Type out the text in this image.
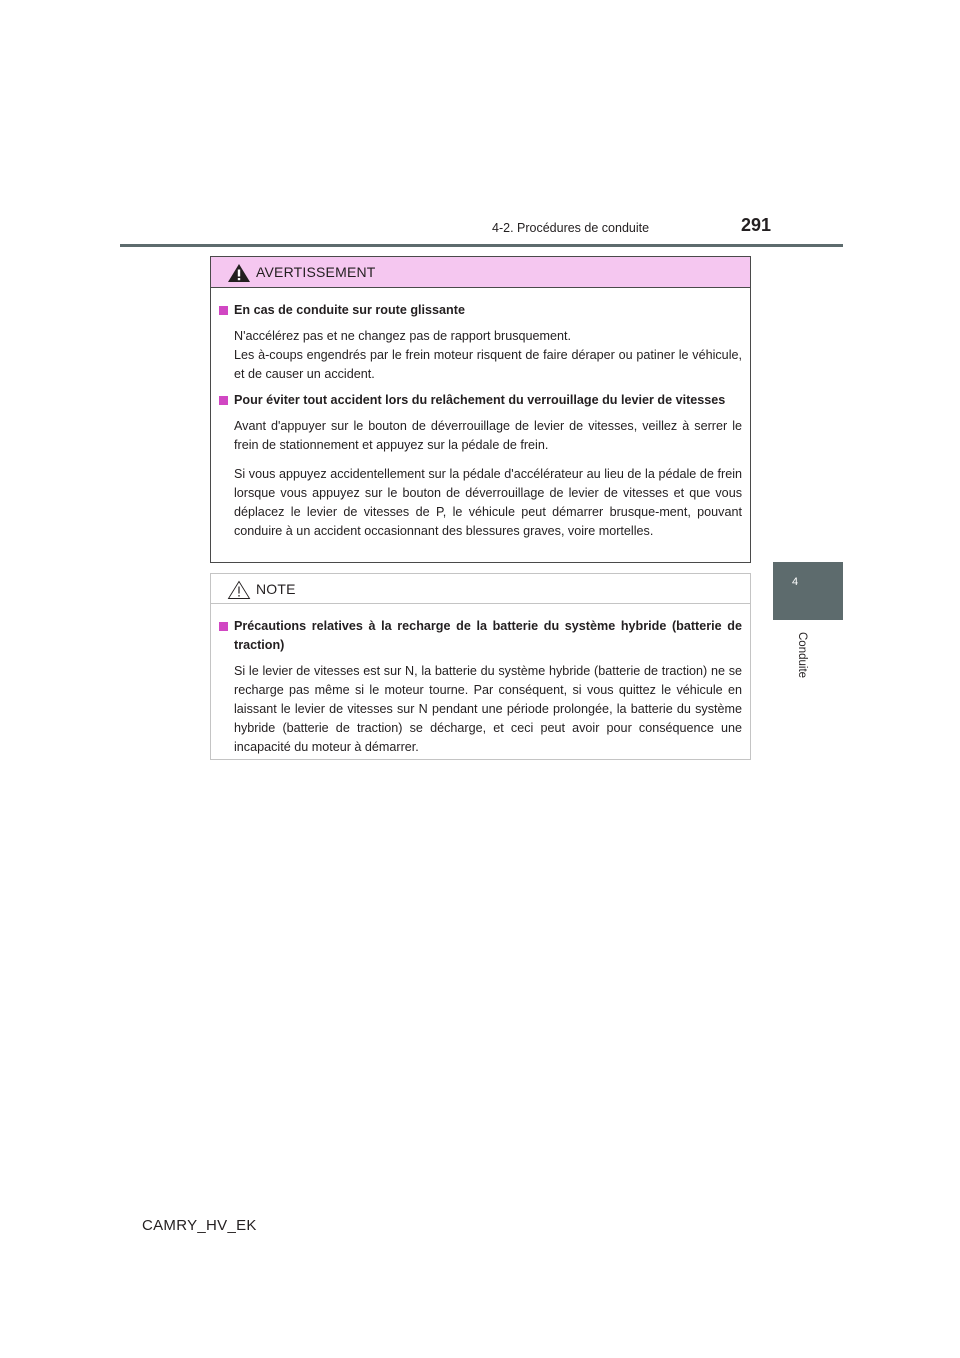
4-2. Procédures de conduite	291
4
Conduite
AVERTISSEMENT
En cas de conduite sur route glissante
N'accélérez pas et ne changez pas de rapport brusquement.
Les à-coups engendrés par le frein moteur risquent de faire déraper ou patiner le véhicule, et de causer un accident.
Pour éviter tout accident lors du relâchement du verrouillage du levier de vitesses
Avant d'appuyer sur le bouton de déverrouillage de levier de vitesses, veillez à serrer le frein de stationnement et appuyez sur la pédale de frein.
Si vous appuyez accidentellement sur la pédale d'accélérateur au lieu de la pédale de frein lorsque vous appuyez sur le bouton de déverrouillage de levier de vitesses et que vous déplacez le levier de vitesses de P, le véhicule peut démarrer brusque-ment, pouvant conduire à un accident occasionnant des blessures graves, voire mortelles.
NOTE
Précautions relatives à la recharge de la batterie du système hybride (batterie de traction)
Si le levier de vitesses est sur N, la batterie du système hybride (batterie de traction) ne se recharge pas même si le moteur tourne. Par conséquent, si vous quittez le véhicule en laissant le levier de vitesses sur N pendant une période prolongée, la batterie du système hybride (batterie de traction) se décharge, et ceci peut avoir pour conséquence une incapacité du moteur à démarrer.
CAMRY_HV_EK
